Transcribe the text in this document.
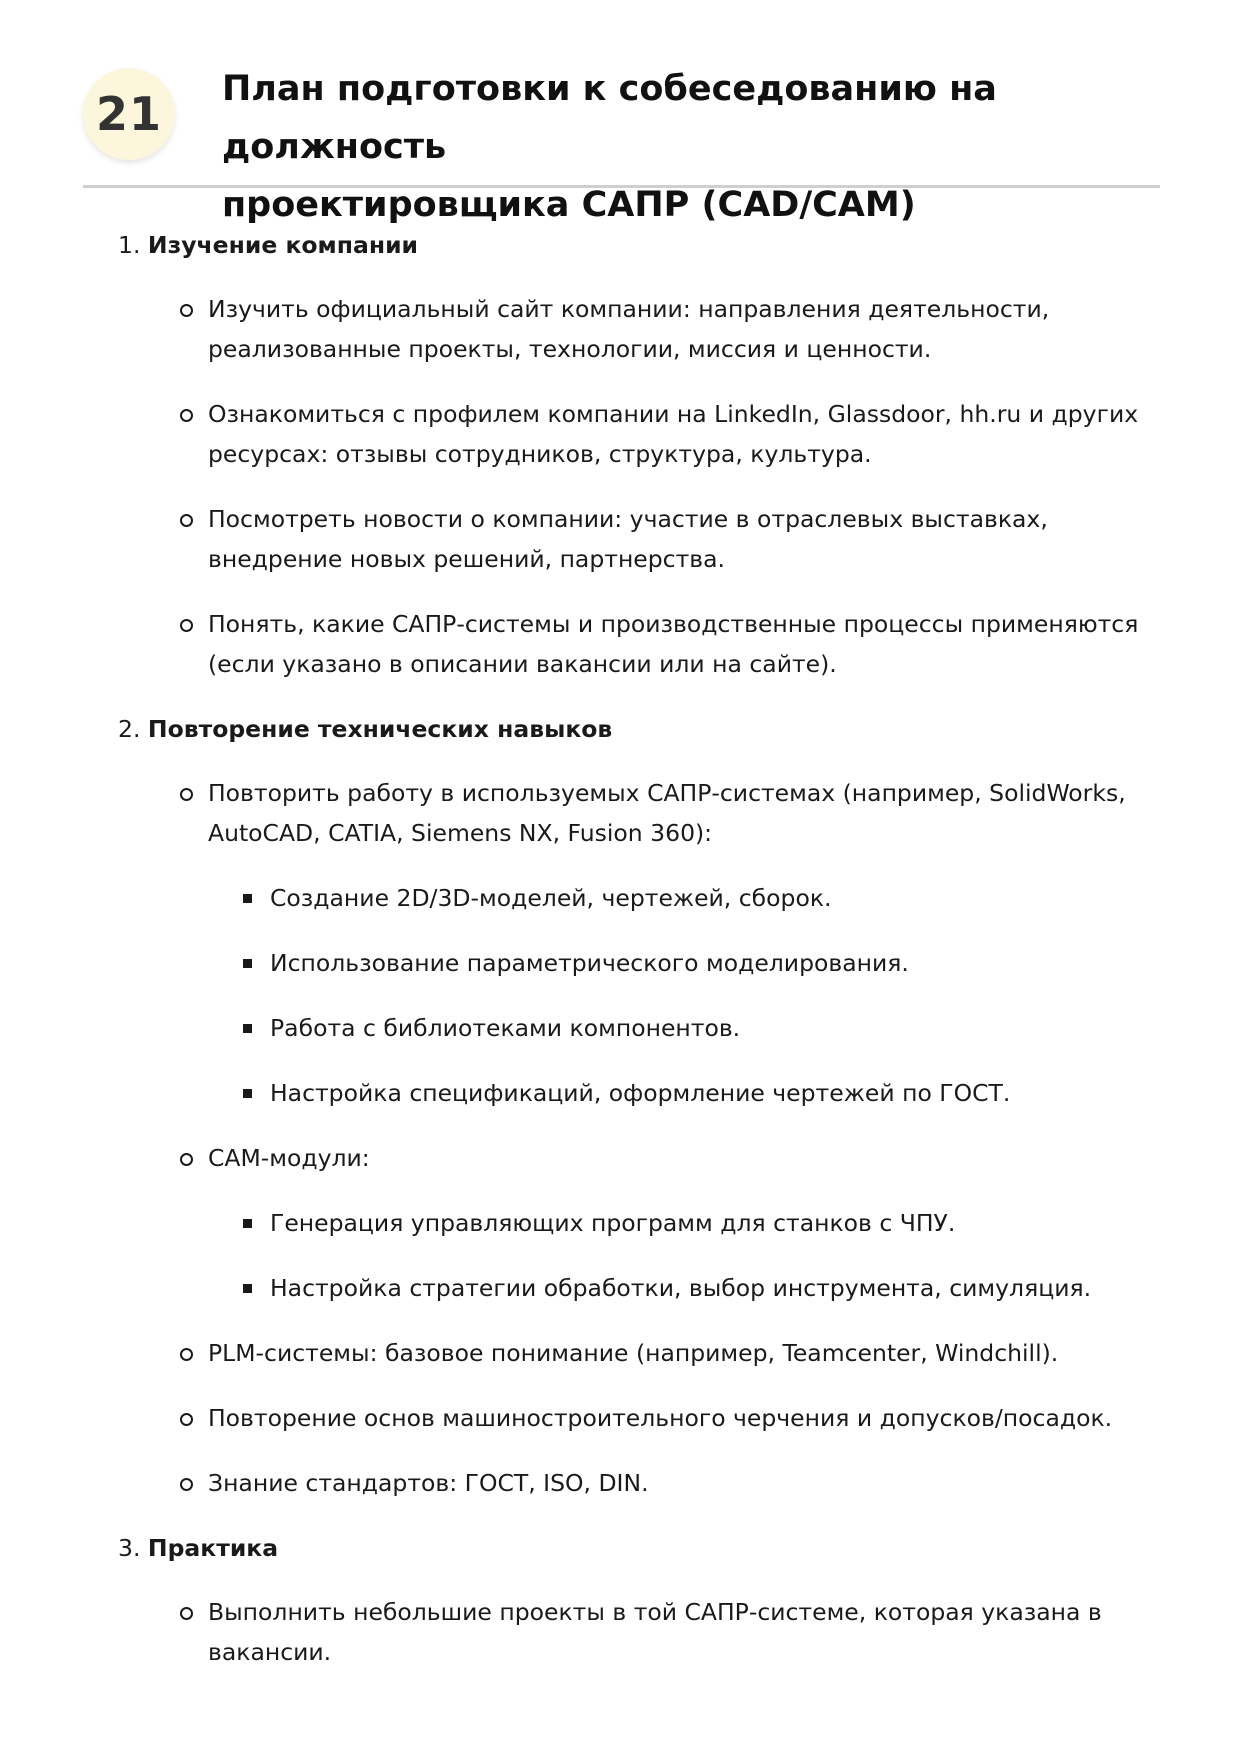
21	План подготовки к собеседованию на должность
проектировщика САПР (CAD/CAM)
1. Изучение компании
Изучить официальный сайт компании: направления деятельности, реализованные проекты, технологии, миссия и ценности.
Ознакомиться с профилем компании на LinkedIn, Glassdoor, hh.ru и других ресурсах: отзывы сотрудников, структура, культура.
Посмотреть новости о компании: участие в отраслевых выставках, внедрение новых решений, партнерства.
Понять, какие САПР-системы и производственные процессы применяются (если указано в описании вакансии или на сайте).
2. Повторение технических навыков
Повторить работу в используемых САПР-системах (например, SolidWorks, AutoCAD, CATIA, Siemens NX, Fusion 360):
Создание 2D/3D-моделей, чертежей, сборок.
Использование параметрического моделирования.
Работа с библиотеками компонентов.
Настройка спецификаций, оформление чертежей по ГОСТ.
CAM-модули:
Генерация управляющих программ для станков с ЧПУ.
Настройка стратегии обработки, выбор инструмента, симуляция.
PLM-системы: базовое понимание (например, Teamcenter, Windchill).
Повторение основ машиностроительного черчения и допусков/посадок.
Знание стандартов: ГОСТ, ISO, DIN.
3. Практика
Выполнить небольшие проекты в той САПР-системе, которая указана в вакансии.
